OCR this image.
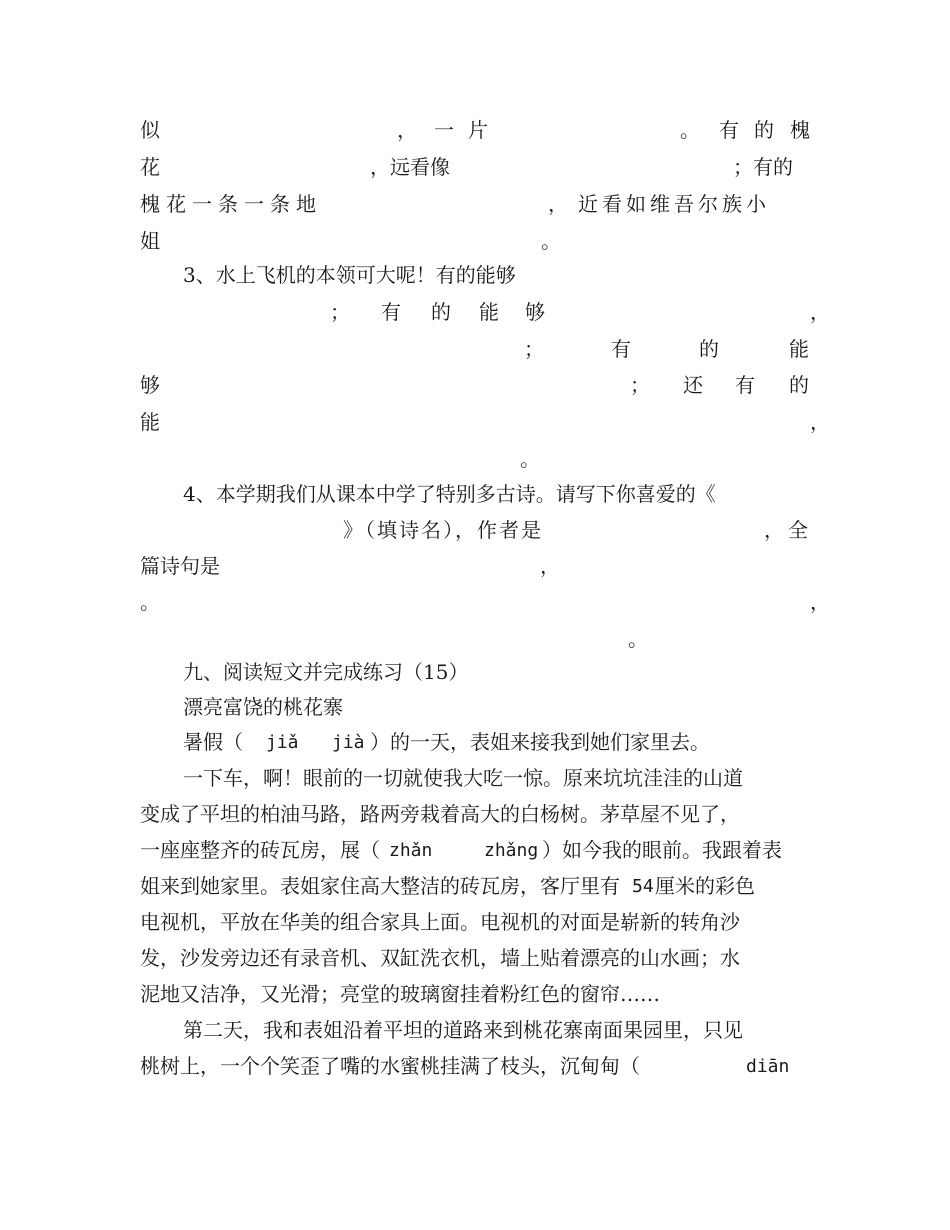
似	， 一 片	。 有 的 槐
花	，远看像	；有的
槐花一条一条地	， 近看如维吾尔族小
姐	。
3、水上飞机的本领可大呢！有的能够
； 有 的 能 够	，
；	有	的	能
够	； 还 有 的
能	，
。
4、本学期我们从课本中学了特别多古诗。请写下你喜爱的《
》（填诗名），作者是	，全
篇诗句是	，
。	，
。
九、阅读短文并完成练习（15）
漂亮富饶的桃花寨
暑假（ jiǎ jià ）的一天，表姐来接我到她们家里去。
一下车，啊！眼前的一切就使我大吃一惊。原来坑坑洼洼的山道
变成了平坦的柏油马路，路两旁栽着高大的白杨树。茅草屋不见了，
一座座整齐的砖瓦房，展（ zhǎn	zhǎng ）如今我的眼前。我跟着表
姐来到她家里。表姐家住高大整洁的砖瓦房，客厅里有 54 厘米的彩色
电视机，平放在华美的组合家具上面。电视机的对面是崭新的转角沙
发，沙发旁边还有录音机、双缸洗衣机，墙上贴着漂亮的山水画；水
泥地又洁净，又光滑；亮堂的玻璃窗挂着粉红色的窗帘……
第二天，我和表姐沿着平坦的道路来到桃花寨南面果园里，只见
桃树上，一个个笑歪了嘴的水蜜桃挂满了枝头，沉甸甸（	diān
